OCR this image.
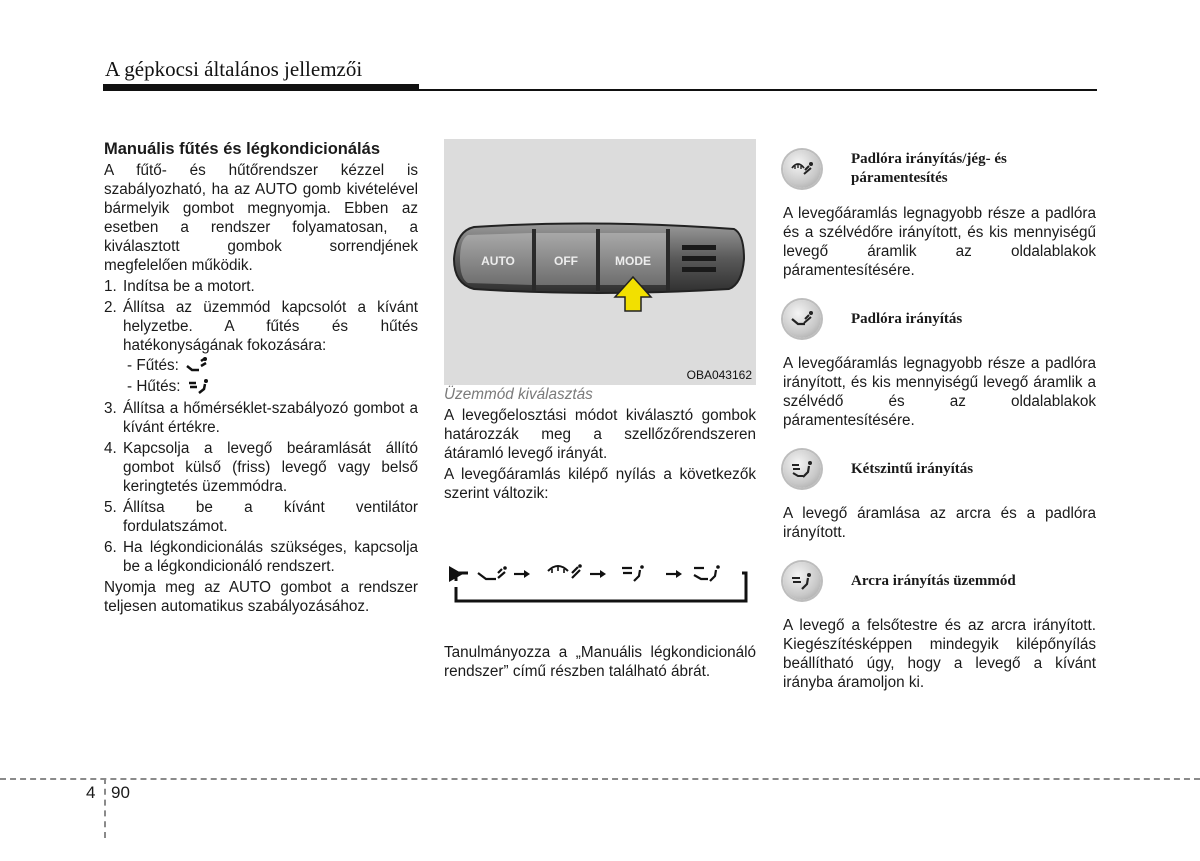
A gépkocsi általános jellemzői
Manuális fűtés és légkondicionálás

A fűtő- és hűtőrendszer kézzel is szabályozható, ha az AUTO gomb kivételével bármelyik gombot megnyomja. Ebben az esetben a rendszer folyamatosan, a kiválasztott gombok sorrendjének megfelelően működik.

1. Indítsa be a motort.
2. Állítsa az üzemmód kapcsolót a kívánt helyzetbe. A fűtés és hűtés hatékonyságának fokozására:
- Fűtés:
- Hűtés:
3. Állítsa a hőmérséklet-szabályozó gombot a kívánt értékre.
4. Kapcsolja a levegő beáramlását állító gombot külső (friss) levegő vagy belső keringtetés üzemmódra.
5. Állítsa be a kívánt ventilátor fordulatszámot.
6. Ha légkondicionálás szükséges, kapcsolja be a légkondicionáló rendszert.

Nyomja meg az AUTO gombot a rendszer teljesen automatikus szabályozásához.

AUTO	OFF	MODE
OBA043162
Üzemmód kiválasztás

A levegőelosztási módot kiválasztó gombok határozzák meg a szellőzőrendszeren átáramló levegő irányát.

A levegőáramlás kilépő nyílás a következők szerint változik:

Tanulmányozza a „Manuális légkondicionáló rendszer” című részben található ábrát.

Padlóra irányítás/jég- és páramentesítés

A levegőáramlás legnagyobb része a padlóra és a szélvédőre irányított, és kis mennyiségű levegő áramlik az oldalablakok páramentesítésére.

Padlóra irányítás

A levegőáramlás legnagyobb része a padlóra irányított, és kis mennyiségű levegő áramlik a szélvédő és az oldalablakok páramentesítésére.

Kétszintű irányítás

A levegő áramlása az arcra és a padlóra irányított.

Arcra irányítás üzemmód

A levegő a felsőtestre és az arcra irányított. Kiegészítésképpen mindegyik kilépőnyílás beállítható úgy, hogy a levegő a kívánt irányba áramoljon ki.

4 90
